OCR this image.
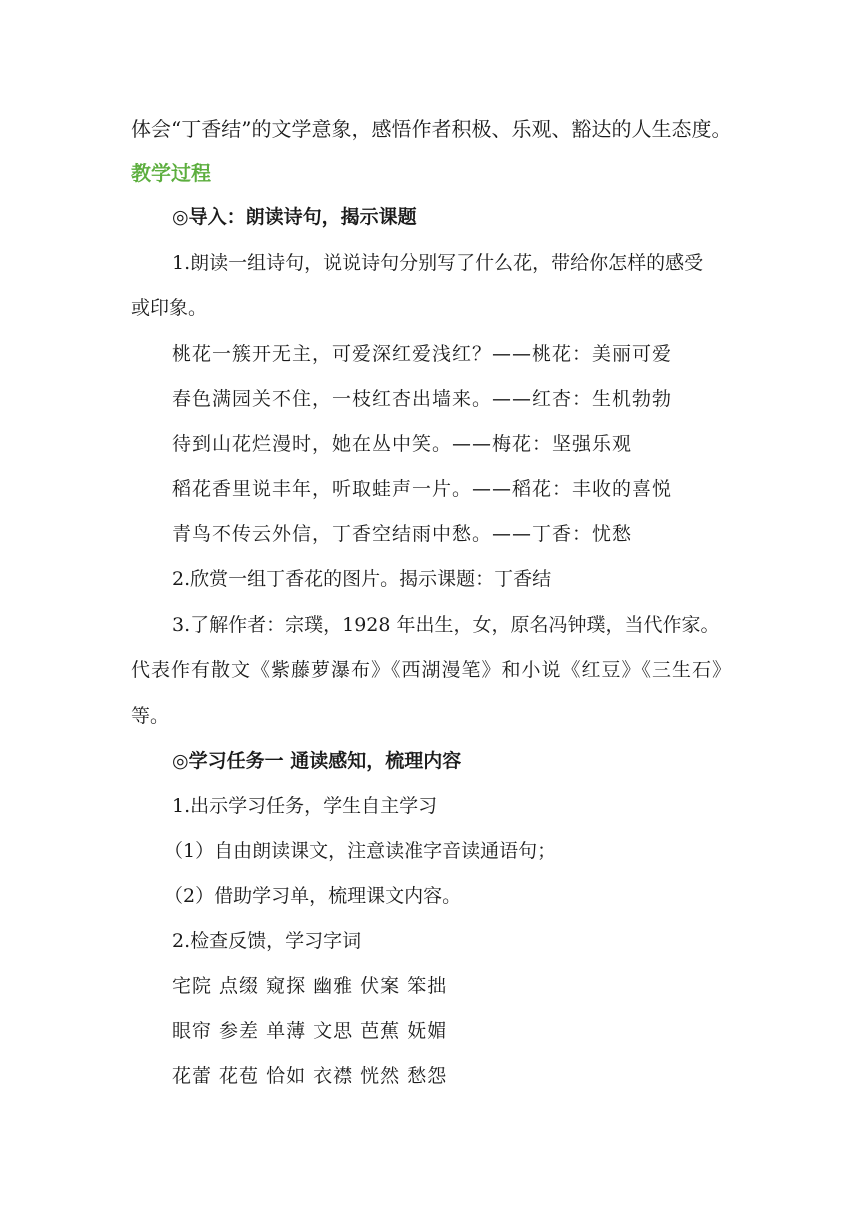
体会“丁香结”的文学意象，感悟作者积极、乐观、豁达的人生态度。
教学过程
◎导入：朗读诗句，揭示课题
1.朗读一组诗句，说说诗句分别写了什么花，带给你怎样的感受
或印象。
桃花一簇开无主，可爱深红爱浅红？——桃花：美丽可爱
春色满园关不住，一枝红杏出墙来。——红杏：生机勃勃
待到山花烂漫时，她在丛中笑。——梅花：坚强乐观
稻花香里说丰年，听取蛙声一片。——稻花：丰收的喜悦
青鸟不传云外信，丁香空结雨中愁。——丁香：忧愁
2.欣赏一组丁香花的图片。揭示课题：丁香结
3.了解作者：宗璞，1928 年出生，女，原名冯钟璞，当代作家。
代表作有散文《紫藤萝瀑布》《西湖漫笔》和小说《红豆》《三生石》
等。
◎学习任务一 通读感知，梳理内容
1.出示学习任务，学生自主学习
（1）自由朗读课文，注意读准字音读通语句；
（2）借助学习单，梳理课文内容。
2.检查反馈，学习字词
宅院 点缀 窥探 幽雅 伏案 笨拙
眼帘 参差 单薄 文思 芭蕉 妩媚
花蕾 花苞 恰如 衣襟 恍然 愁怨
